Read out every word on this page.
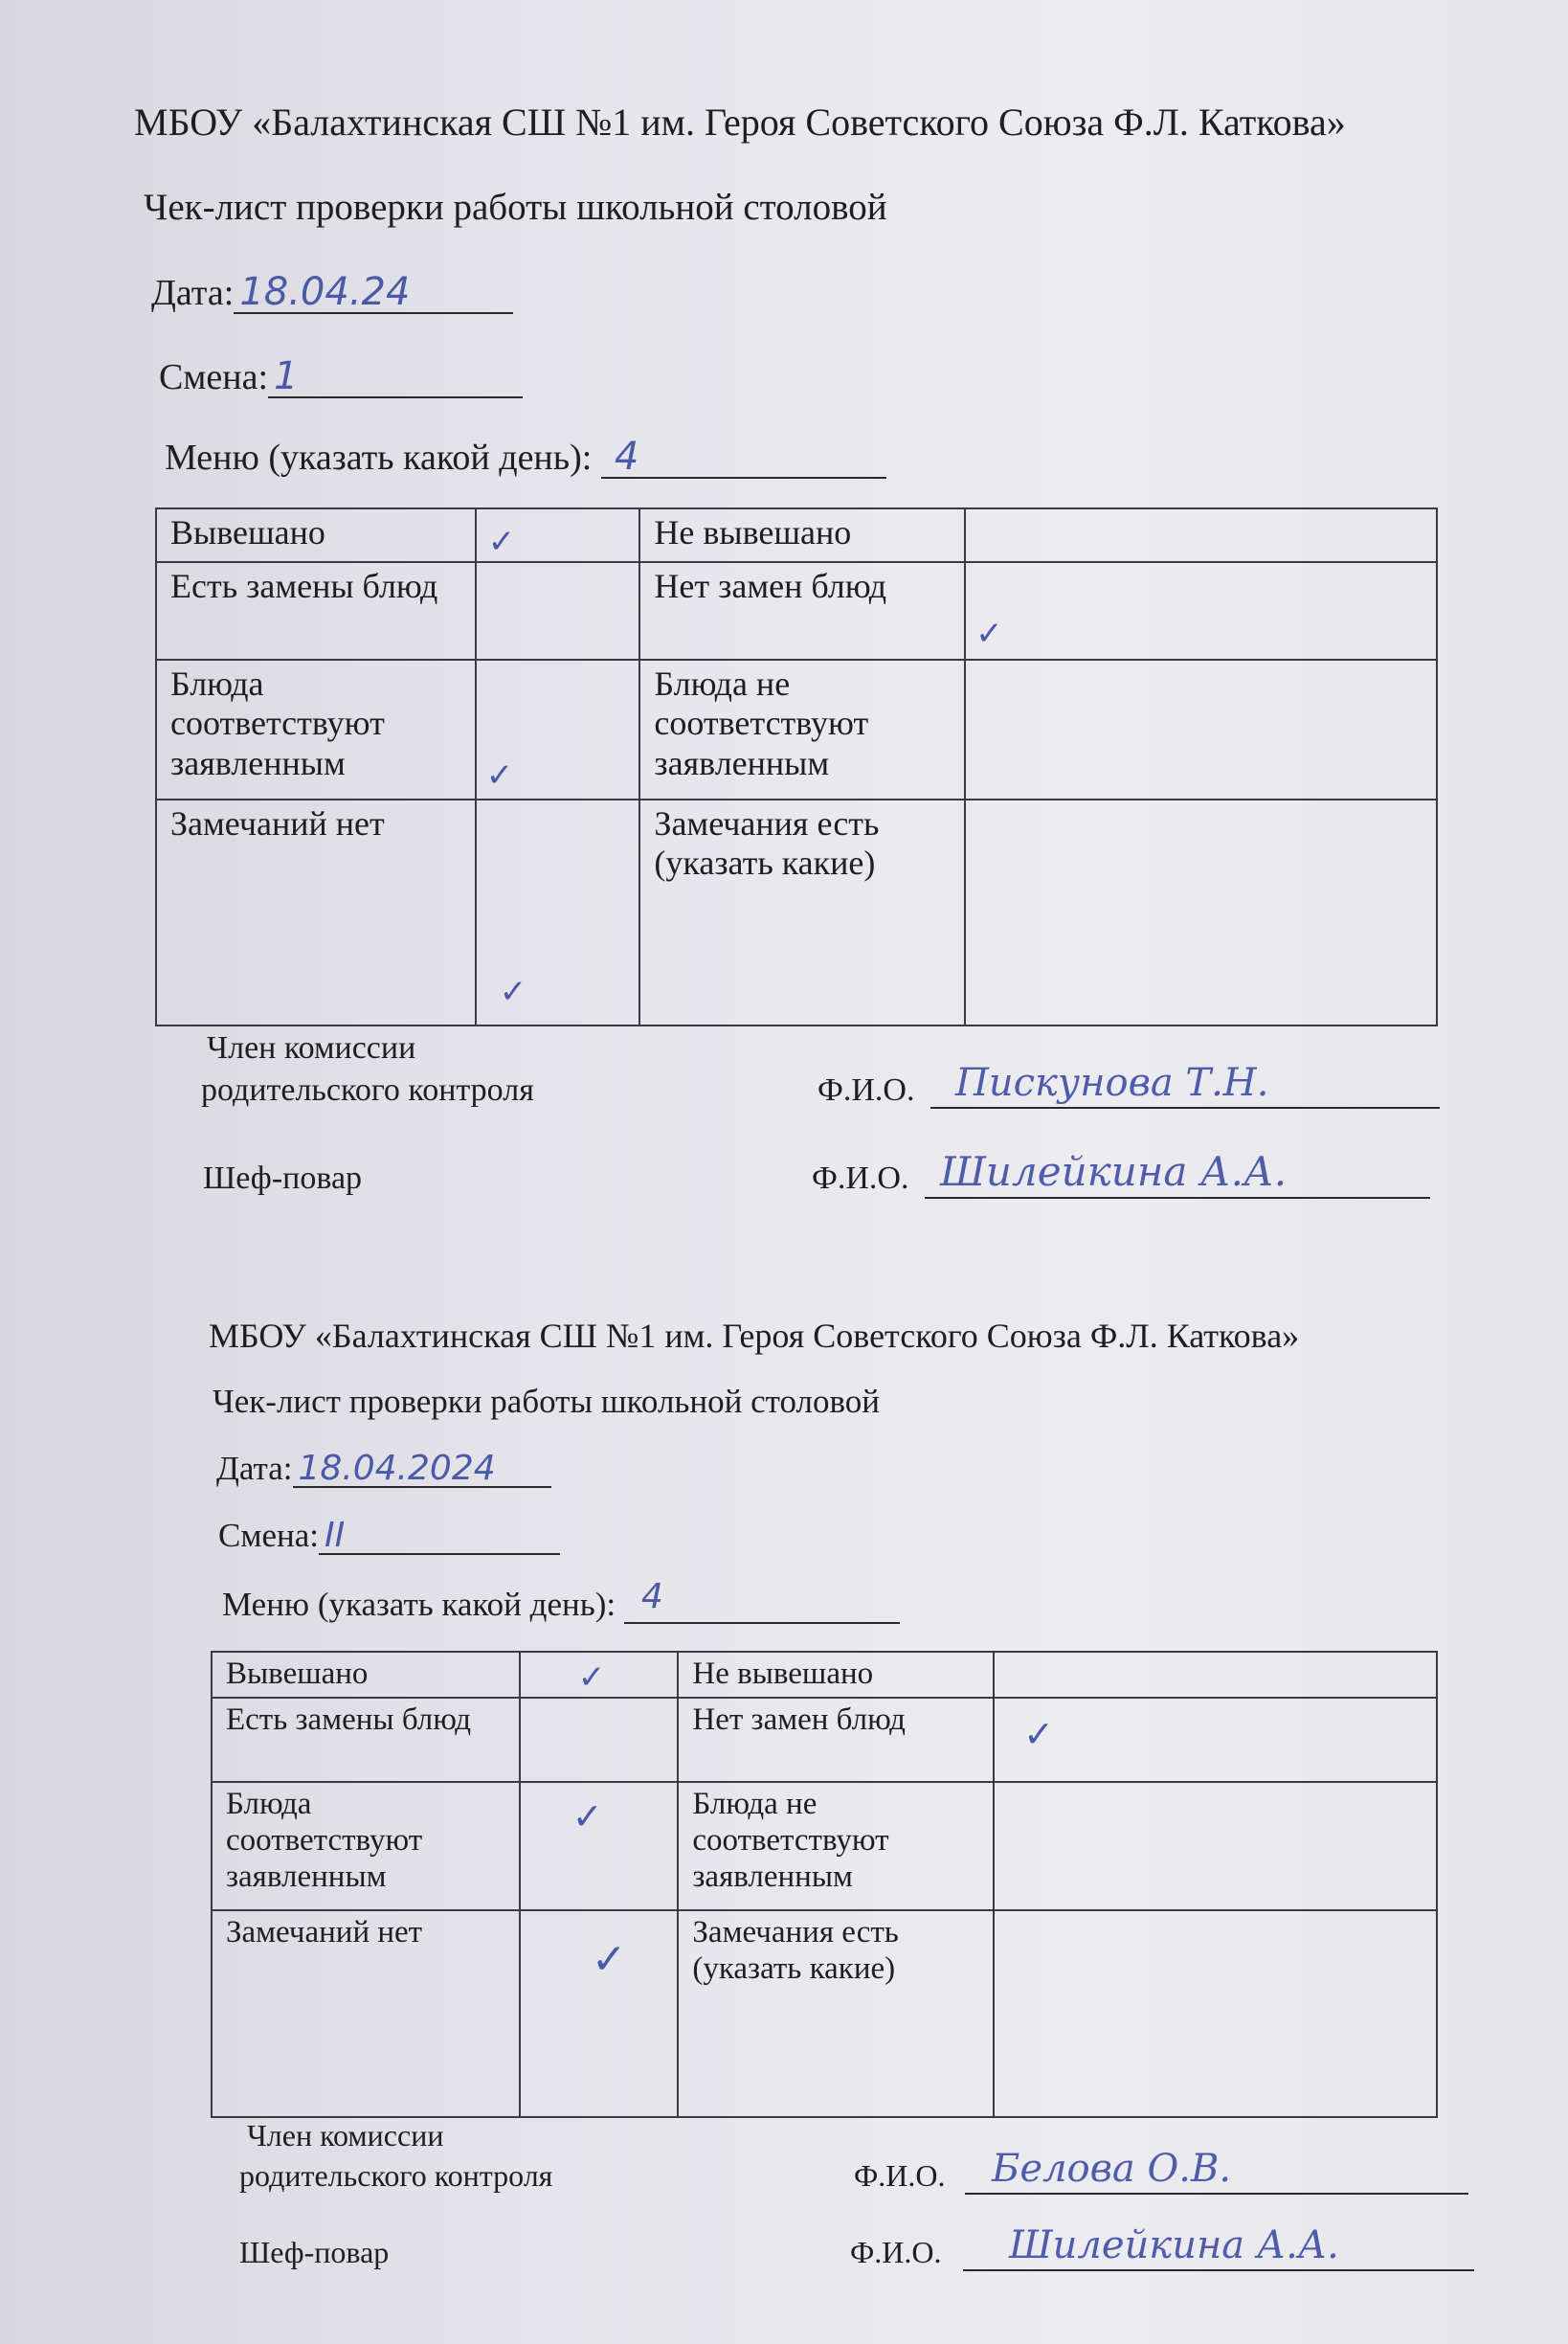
МБОУ «Балахтинская СШ №1 им. Героя Советского Союза Ф.Л. Каткова»
Чек-лист проверки работы школьной столовой
Дата: 18.04.24
Смена: 1
Меню (указать какой день): 4
Вывешано	✓	Не вывешано	

Есть замены блюд		Нет замен блюд	✓

Блюда соответствуют заявленным	✓	Блюда не соответствуют заявленным	

Замечаний нет	✓	Замечания есть (указать какие)	
Член комиссии
родительского контроля	Ф.И.О. Пискунова Т.Н.
Шеф-повар	Ф.И.О. Шилейкина А.А.
МБОУ «Балахтинская СШ №1 им. Героя Советского Союза Ф.Л. Каткова»
Чек-лист проверки работы школьной столовой
Дата: 18.04.2024
Смена: II
Меню (указать какой день): 4
Вывешано	✓	Не вывешано	

Есть замены блюд		Нет замен блюд	✓

Блюда соответствуют заявленным	✓	Блюда не соответствуют заявленным	

Замечаний нет	✓	Замечания есть (указать какие)	
Член комиссии
родительского контроля	Ф.И.О. Белова О.В.
Шеф-повар	Ф.И.О. Шилейкина А.А.
